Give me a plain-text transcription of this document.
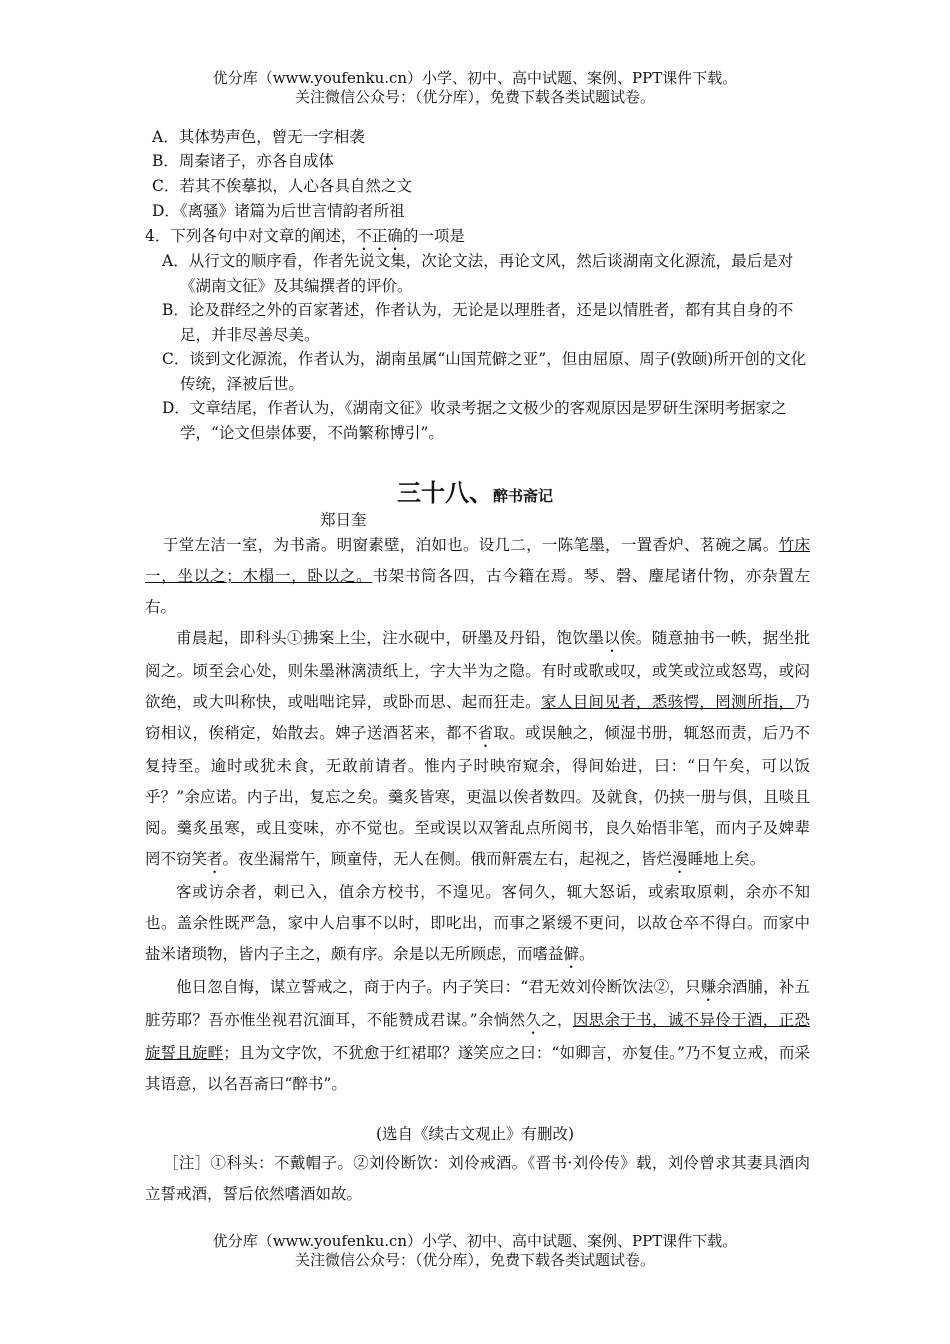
优分库（www.youfenku.cn）小学、初中、高中试题、案例、PPT课件下载。
关注微信公众号：（优分库），免费下载各类试题试卷。
A．其体势声色，曾无一字相袭
B．周秦诸子，亦各自成体
C．若其不俟摹拟，人心各具自然之文
D．《离骚》诸篇为后世言情韵者所祖
4．下列各句中对文章的阐述，不正确的一项是
A．从行文的顺序看，作者先说文集，次论文法，再论文风，然后谈湖南文化源流，最后是对《湖南文征》及其编撰者的评价。
B．论及群经之外的百家著述，作者认为，无论是以理胜者，还是以情胜者，都有其自身的不足，并非尽善尽美。
C．谈到文化源流，作者认为，湖南虽属“山国荒僻之亚”，但由屈原、周子(敦颐)所开创的文化传统，泽被后世。
D．文章结尾，作者认为，《湖南文征》收录考据之文极少的客观原因是罗研生深明考据家之学，“论文但崇体要，不尚繁称博引”。
三十八、醉书斋记
郑日奎

于堂左洁一室，为书斋。明窗素壁，泊如也。设几二，一陈笔墨，一置香炉、茗碗之属。竹床一，坐以之；木榻一，卧以之。书架书筒各四，古今籍在焉。琴、磬、麈尾诸什物，亦杂置左右。

甫晨起，即科头①拂案上尘，注水砚中，研墨及丹铅，饱饮墨以俟。随意抽书一帙，据坐批阅之。顷至会心处，则朱墨淋漓渍纸上，字大半为之隐。有时或歌或叹，或笑或泣或怒骂，或闷欲绝，或大叫称快，或咄咄诧异，或卧而思、起而狂走。家人目间见者，悉骇愕，罔测所指，乃窃相议，俟稍定，始散去。婢子送酒茗来，都不省取。或误触之，倾湿书册，辄怒而责，后乃不复持至。逾时或犹未食，无敢前请者。惟内子时映帘窥余，得间始进，曰：“日午矣，可以饭乎？”余应诺。内子出，复忘之矣。羹炙皆寒，更温以俟者数四。及就食，仍挟一册与俱，且啖且阅。羹炙虽寒，或且变味，亦不觉也。至或误以双箸乱点所阅书，良久始悟非笔，而内子及婢辈罔不窃笑者。夜坐漏常午，顾童侍，无人在侧。俄而鼾震左右，起视之，皆烂漫睡地上矣。

客或访余者，刺已入，值余方校书，不遑见。客伺久，辄大怒诟，或索取原刺，余亦不知也。盖余性既严急，家中人启事不以时，即叱出，而事之紧缓不更问，以故仓卒不得白。而家中盐米诸琐物，皆内子主之，颇有序。余是以无所顾虑，而嗜益僻。

他日忽自悔，谋立誓戒之，商于内子。内子笑曰：“君无效刘伶断饮法②，只赚余酒脯，补五脏劳耶？吾亦惟坐视君沉湎耳，不能赞成君谋。”余惝然久之，因思余于书，诚不异伶于酒，正恐旋誓且旋畔；且为文字饮，不犹愈于红裙耶？遂笑应之曰：“如卿言，亦复佳。”乃不复立戒，而采其语意，以名吾斋曰“醉书”。

(选自《续古文观止》有删改)
［注］①科头：不戴帽子。②刘伶断饮：刘伶戒酒。《晋书·刘伶传》载，刘伶曾求其妻具酒肉立誓戒酒，誓后依然嗜酒如故。
优分库（www.youfenku.cn）小学、初中、高中试题、案例、PPT课件下载。
关注微信公众号：（优分库），免费下载各类试题试卷。
